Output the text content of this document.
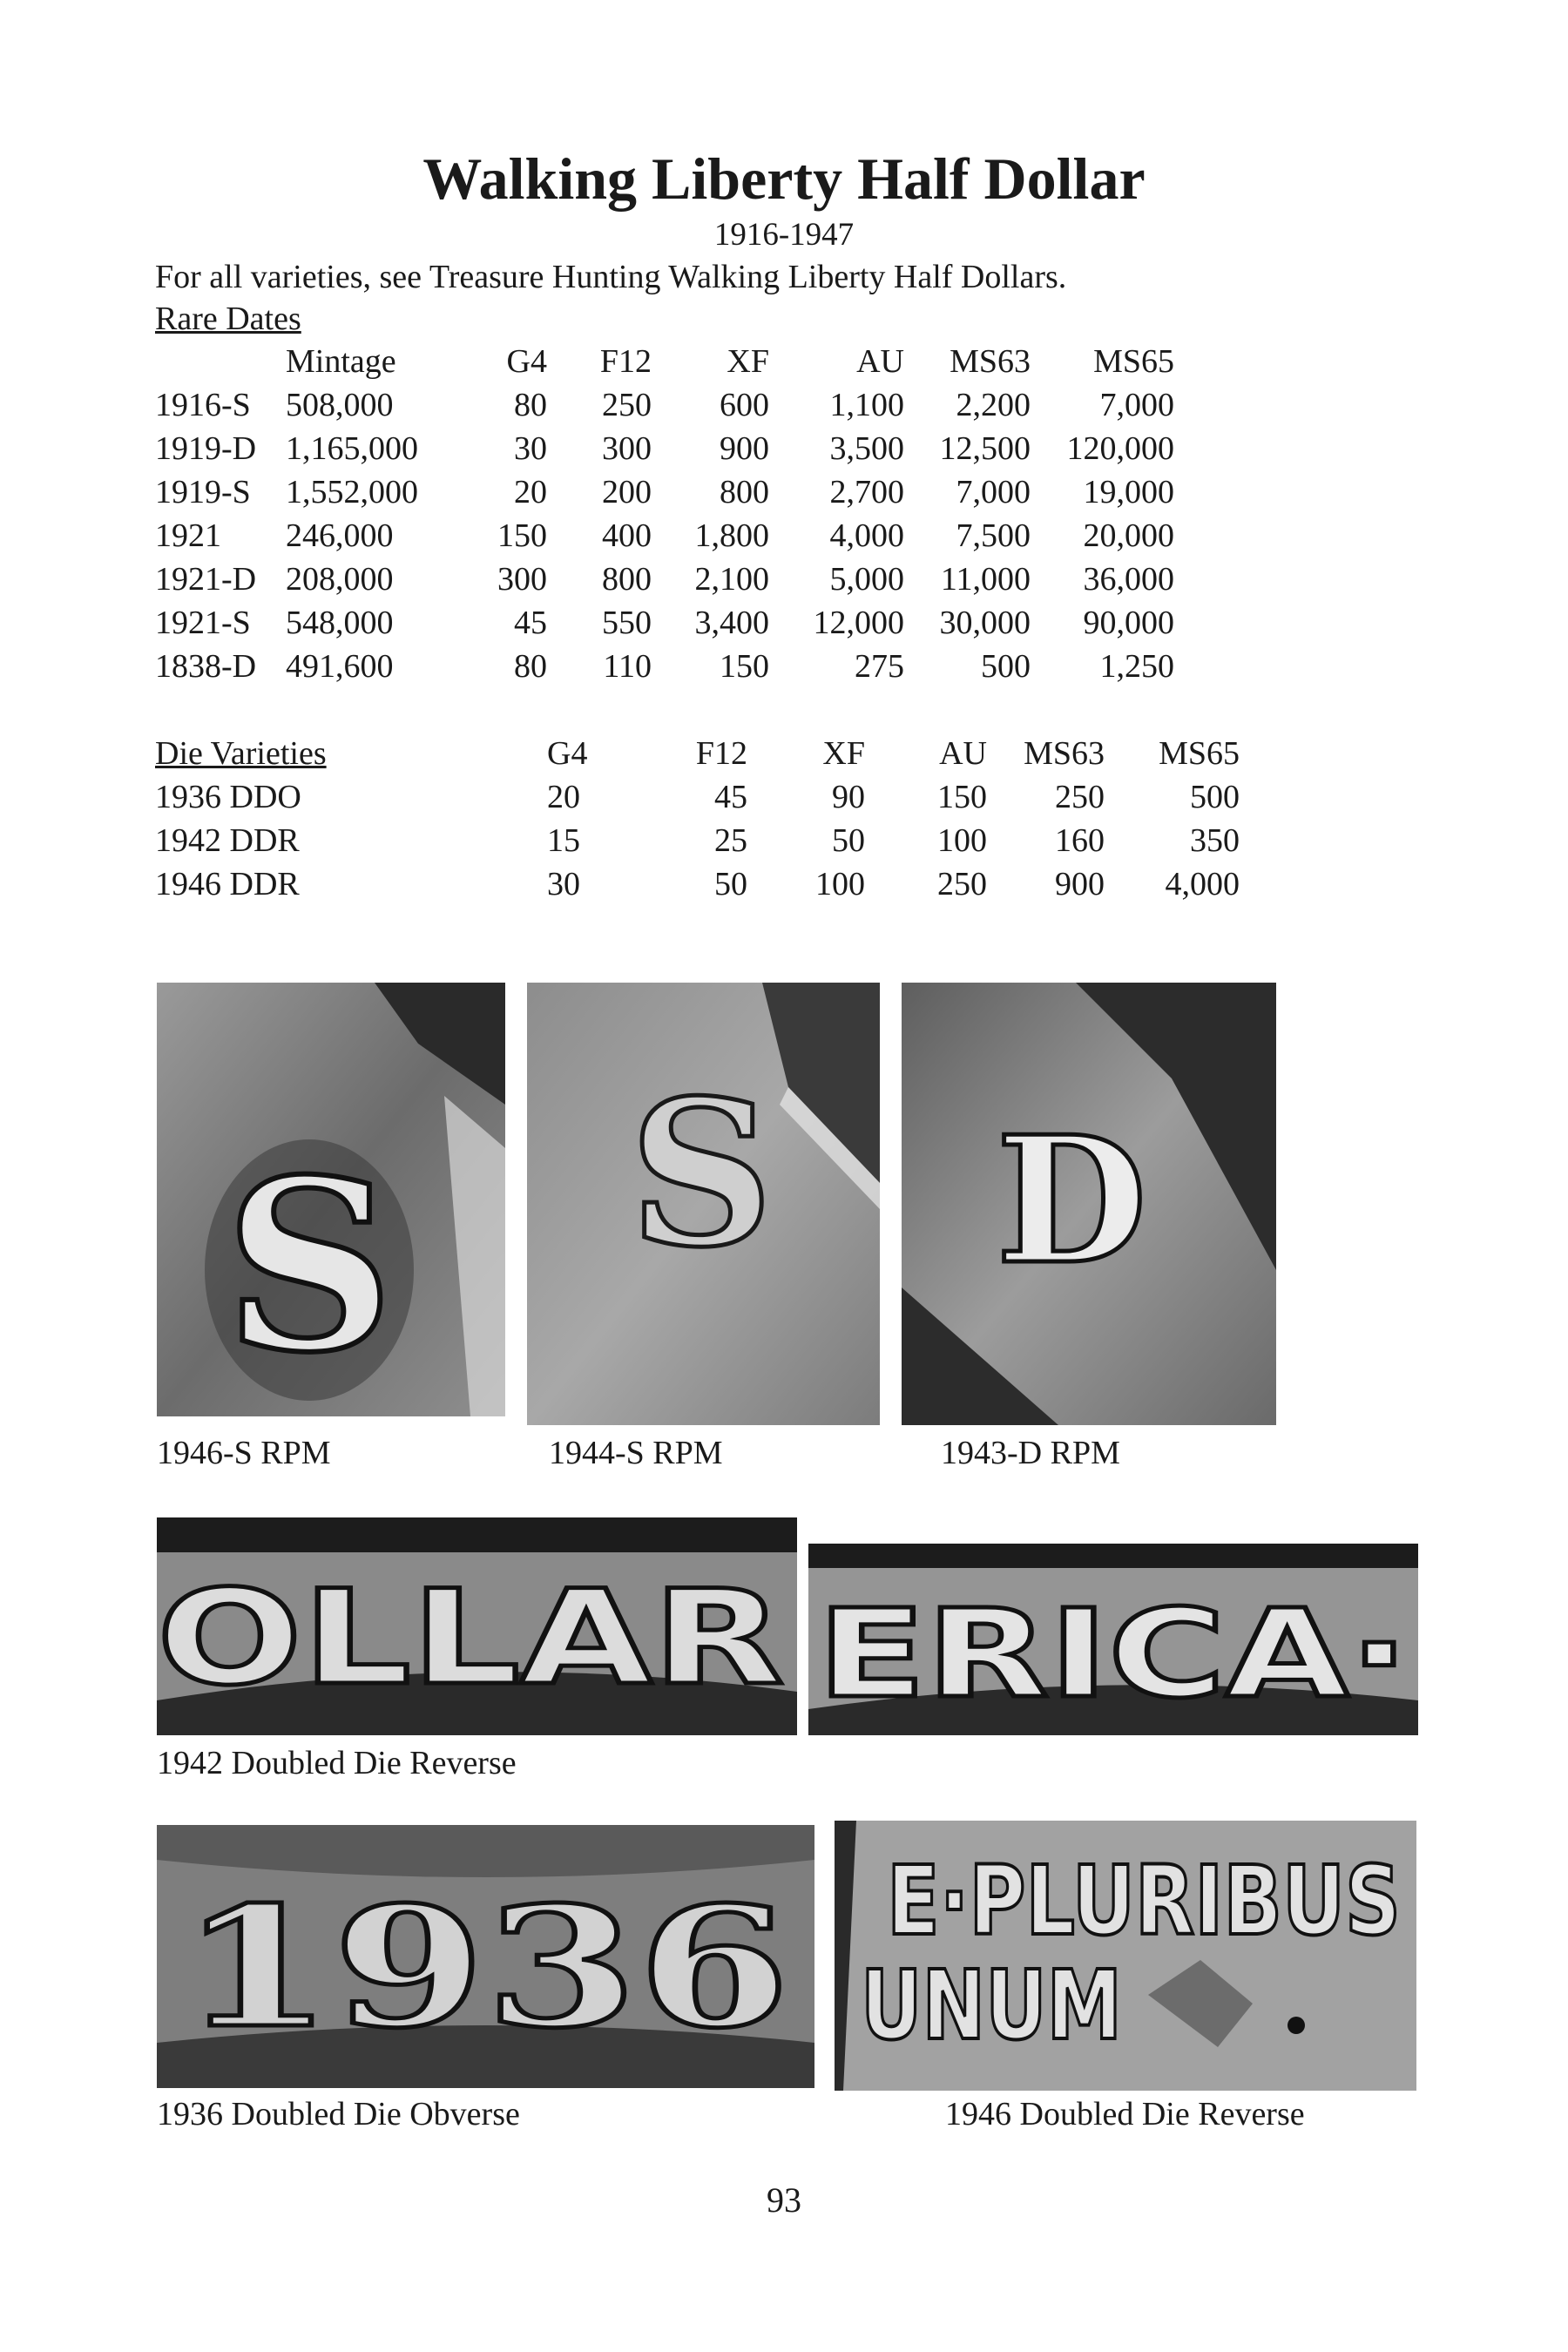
Walking Liberty Half Dollar
1916-1947
For all varieties, see Treasure Hunting Walking Liberty Half Dollars.
Rare Dates
	Mintage	G4	F12	XF	AU	MS63	MS65
1916-S	508,000	80	250	600	1,100	2,200	7,000
1919-D	1,165,000	30	300	900	3,500	12,500	120,000
1919-S	1,552,000	20	200	800	2,700	7,000	19,000
1921	246,000	150	400	1,800	4,000	7,500	20,000
1921-D	208,000	300	800	2,100	5,000	11,000	36,000
1921-S	548,000	45	550	3,400	12,000	30,000	90,000
1838-D	491,600	80	110	150	275	500	1,250
Die Varieties	G4	F12	XF	AU	MS63	MS65
1936 DDO	20	45	90	150	250	500
1942 DDR	15	25	50	100	160	350
1946 DDR	30	50	100	250	900	4,000
S S D
1946-S RPM	1944-S RPM	1943-D RPM
OLLAR ERICA·
1942 Doubled Die Reverse
1936 E·PLURIBUS
UNUM
1936 Doubled Die Obverse	1946 Doubled Die Reverse
93
